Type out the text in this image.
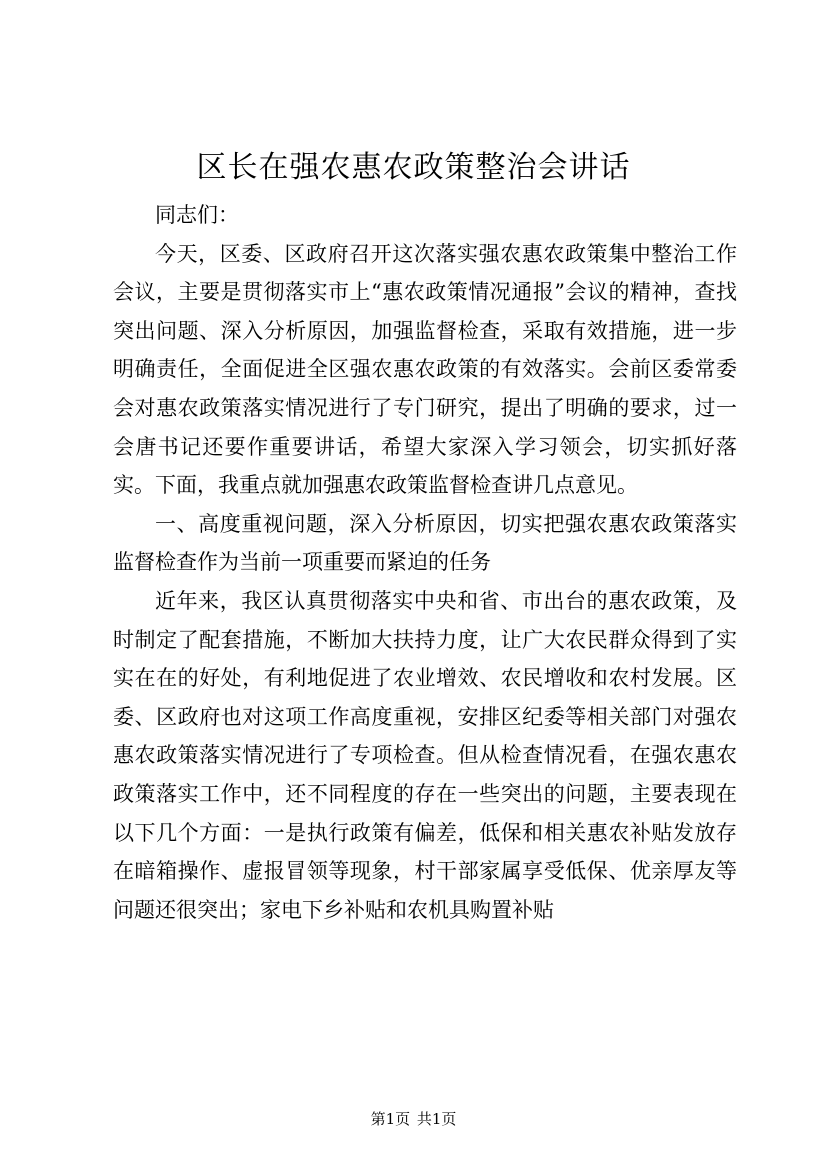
区长在强农惠农政策整治会讲话

同志们：

今天，区委、区政府召开这次落实强农惠农政策集中整治工作会议，主要是贯彻落实市上“惠农政策情况通报”会议的精神，查找突出问题、深入分析原因，加强监督检查，采取有效措施，进一步明确责任，全面促进全区强农惠农政策的有效落实。会前区委常委会对惠农政策落实情况进行了专门研究，提出了明确的要求，过一会唐书记还要作重要讲话，希望大家深入学习领会，切实抓好落实。下面，我重点就加强惠农政策监督检查讲几点意见。

一、高度重视问题，深入分析原因，切实把强农惠农政策落实监督检查作为当前一项重要而紧迫的任务

近年来，我区认真贯彻落实中央和省、市出台的惠农政策，及时制定了配套措施，不断加大扶持力度，让广大农民群众得到了实实在在的好处，有利地促进了农业增效、农民增收和农村发展。区委、区政府也对这项工作高度重视，安排区纪委等相关部门对强农惠农政策落实情况进行了专项检查。但从检查情况看，在强农惠农政策落实工作中，还不同程度的存在一些突出的问题，主要表现在以下几个方面：一是执行政策有偏差，低保和相关惠农补贴发放存在暗箱操作、虚报冒领等现象，村干部家属享受低保、优亲厚友等问题还很突出；家电下乡补贴和农机具购置补贴

第1页 共1页
